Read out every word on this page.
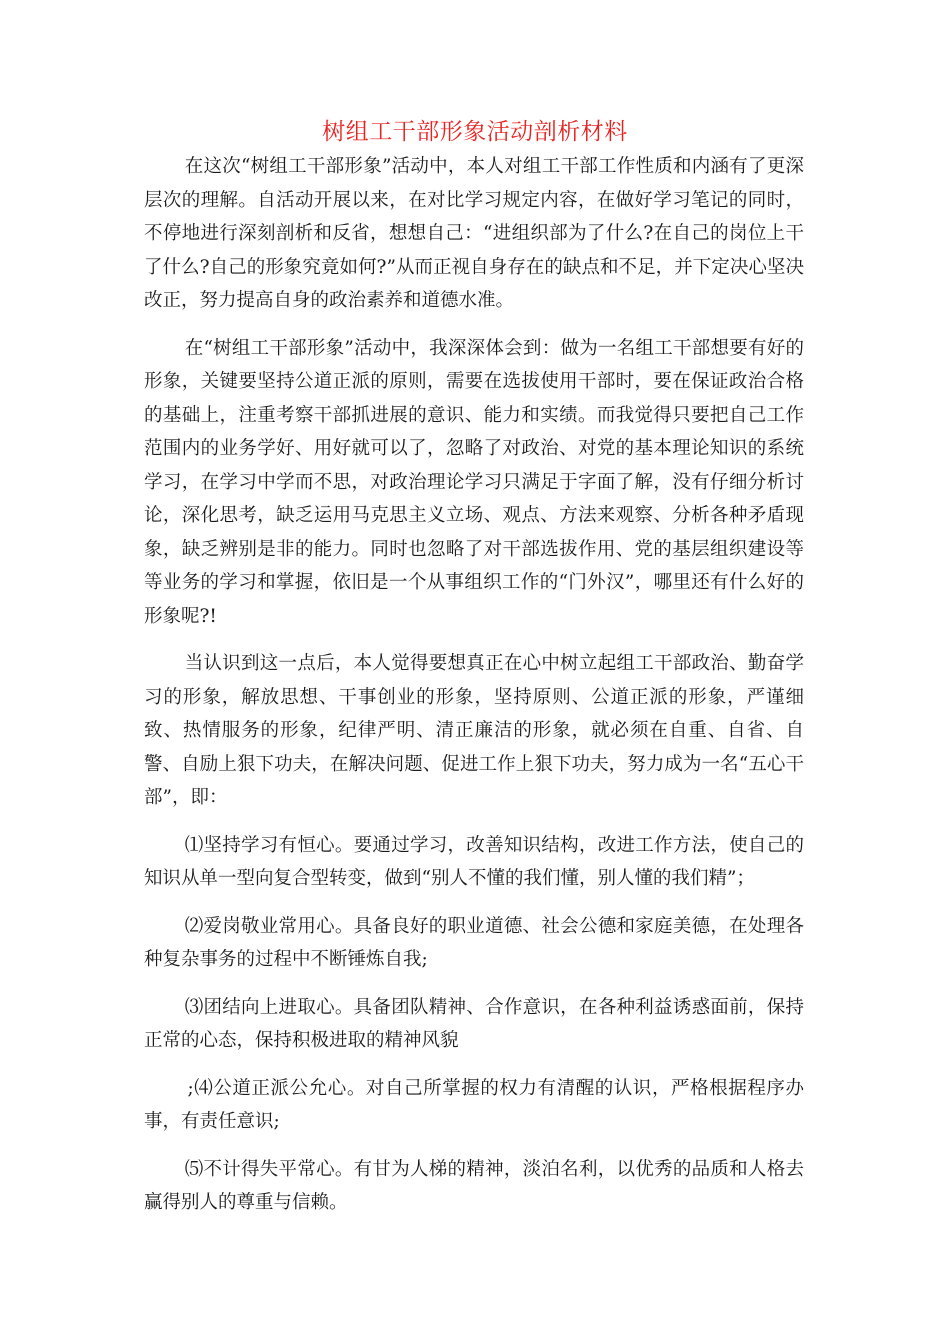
树组工干部形象活动剖析材料

在这次“树组工干部形象”活动中，本人对组工干部工作性质和内涵有了更深层次的理解。自活动开展以来，在对比学习规定内容，在做好学习笔记的同时，不停地进行深刻剖析和反省，想想自己：“进组织部为了什么?在自己的岗位上干了什么?自己的形象究竟如何?”从而正视自身存在的缺点和不足，并下定决心坚决改正，努力提高自身的政治素养和道德水准。

在“树组工干部形象”活动中，我深深体会到：做为一名组工干部想要有好的形象，关键要坚持公道正派的原则，需要在选拔使用干部时，要在保证政治合格的基础上，注重考察干部抓进展的意识、能力和实绩。而我觉得只要把自己工作范围内的业务学好、用好就可以了，忽略了对政治、对党的基本理论知识的系统学习，在学习中学而不思，对政治理论学习只满足于字面了解，没有仔细分析讨论，深化思考，缺乏运用马克思主义立场、观点、方法来观察、分析各种矛盾现象，缺乏辨别是非的能力。同时也忽略了对干部选拔作用、党的基层组织建设等等业务的学习和掌握，依旧是一个从事组织工作的“门外汉”，哪里还有什么好的形象呢?!

当认识到这一点后，本人觉得要想真正在心中树立起组工干部政治、勤奋学习的形象，解放思想、干事创业的形象，坚持原则、公道正派的形象，严谨细致、热情服务的形象，纪律严明、清正廉洁的形象，就必须在自重、自省、自警、自励上狠下功夫，在解决问题、促进工作上狠下功夫，努力成为一名“五心干部”，即：

⑴坚持学习有恒心。要通过学习，改善知识结构，改进工作方法，使自己的知识从单一型向复合型转变，做到“别人不懂的我们懂，别人懂的我们精”；

⑵爱岗敬业常用心。具备良好的职业道德、社会公德和家庭美德，在处理各种复杂事务的过程中不断锤炼自我;

⑶团结向上进取心。具备团队精神、合作意识，在各种利益诱惑面前，保持正常的心态，保持积极进取的精神风貌

;⑷公道正派公允心。对自己所掌握的权力有清醒的认识，严格根据程序办事，有责任意识;

⑸不计得失平常心。有甘为人梯的精神，淡泊名利，以优秀的品质和人格去赢得别人的尊重与信赖。
